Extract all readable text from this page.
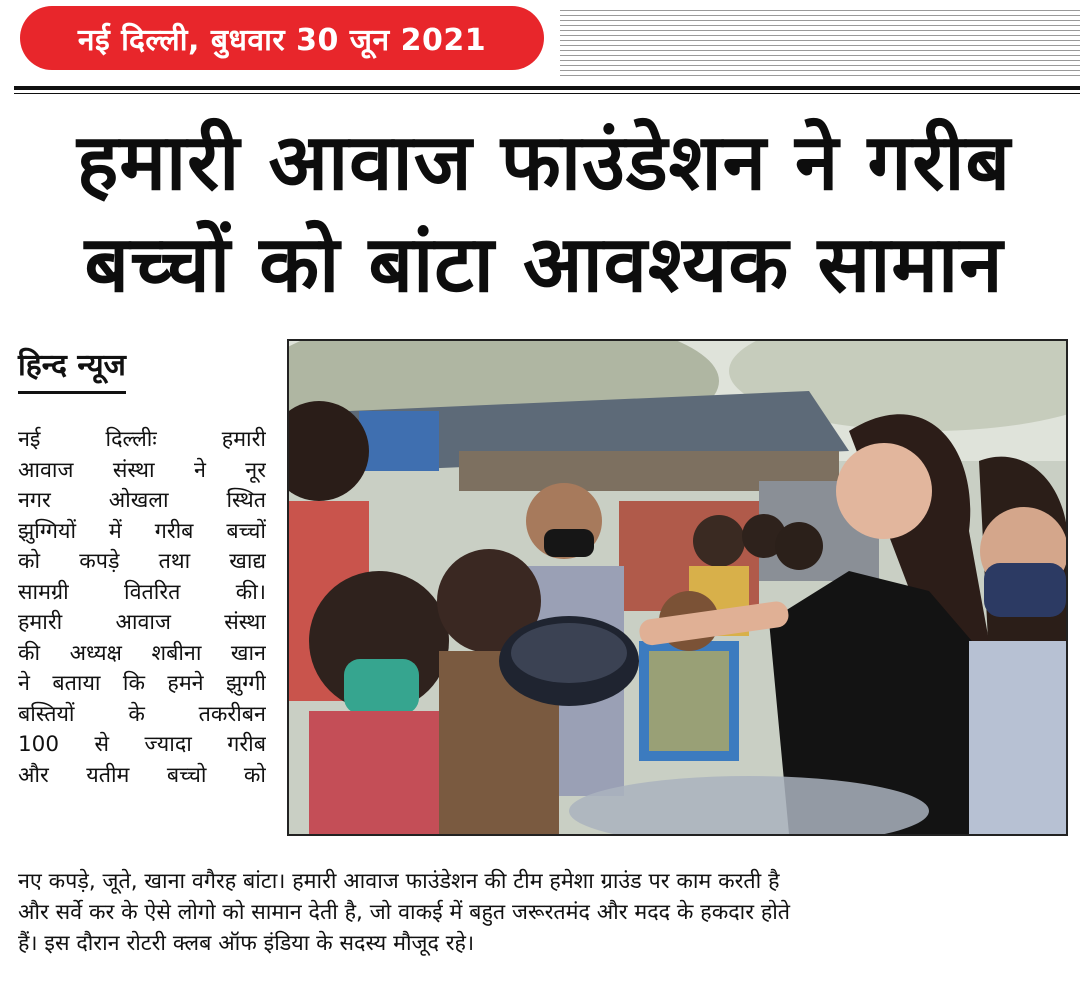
नई दिल्ली, बुधवार 30 जून 2021
हमारी आवाज फाउंडेशन ने गरीब
बच्चों को बांटा आवश्यक सामान
हिन्द न्यूज
नई दिल्लीः हमारी
आवाज संस्था ने नूर
नगर ओखला स्थित
झुग्गियों में गरीब बच्चों
को कपड़े तथा खाद्य
सामग्री वितरित की।
हमारी आवाज संस्था
की अध्यक्ष शबीना खान
ने बताया कि हमने झुग्गी
बस्तियों के तकरीबन
100 से ज्यादा गरीब
और यतीम बच्चो को
नए कपड़े, जूते, खाना वगैरह बांटा। हमारी आवाज फाउंडेशन की टीम हमेशा ग्राउंड पर काम करती है
और सर्वे कर के ऐसे लोगो को सामान देती है, जो वाकई में बहुत जरूरतमंद और मदद के हकदार होते
हैं। इस दौरान रोटरी क्लब ऑफ इंडिया के सदस्य मौजूद रहे।
